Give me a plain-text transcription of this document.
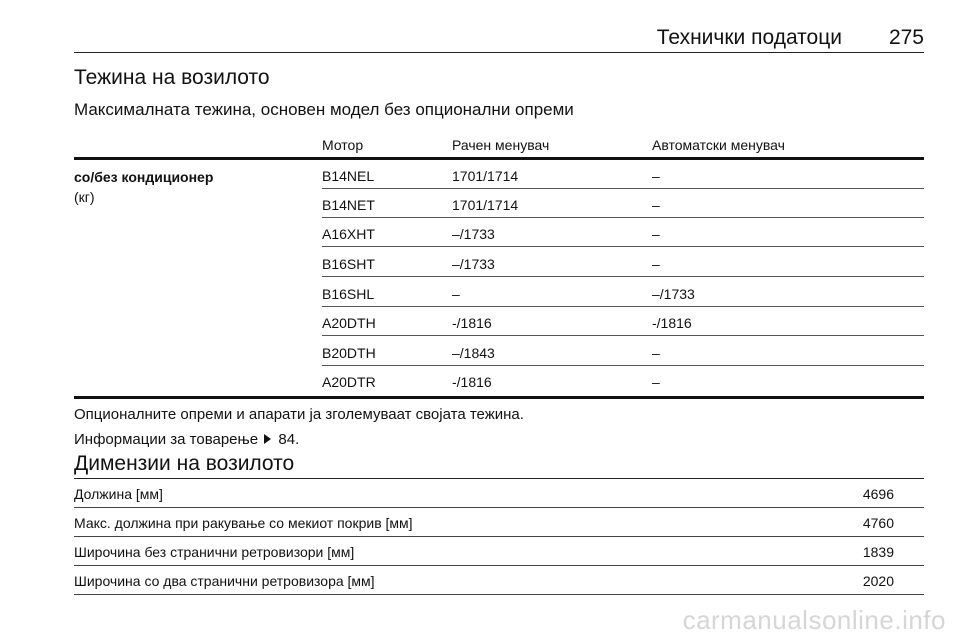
Технички податоци 275
Тежина на возилото
Максималната тежина, основен модел без опционални опреми
Мотор	Рачен менувач	Автоматски менувач
со/без кондиционер
(кг)
B14NEL	1701/1714	–
B14NET	1701/1714	–
A16XHT	–/1733	–
B16SHT	–/1733	–
B16SHL	–	–/1733
A20DTH	-/1816	-/1816
B20DTH	–/1843	–
A20DTR	-/1816	–
Опционалните опреми и апарати ја зголемуваат својата тежина.
Информации за товарење 84.
Димензии на возилото
Должина [мм]	4696
Макс. должина при ракување со мекиот покрив [мм]	4760
Широчина без странични ретровизори [мм]	1839
Широчина со два странични ретровизора [мм]	2020
carmanualsonline.info
